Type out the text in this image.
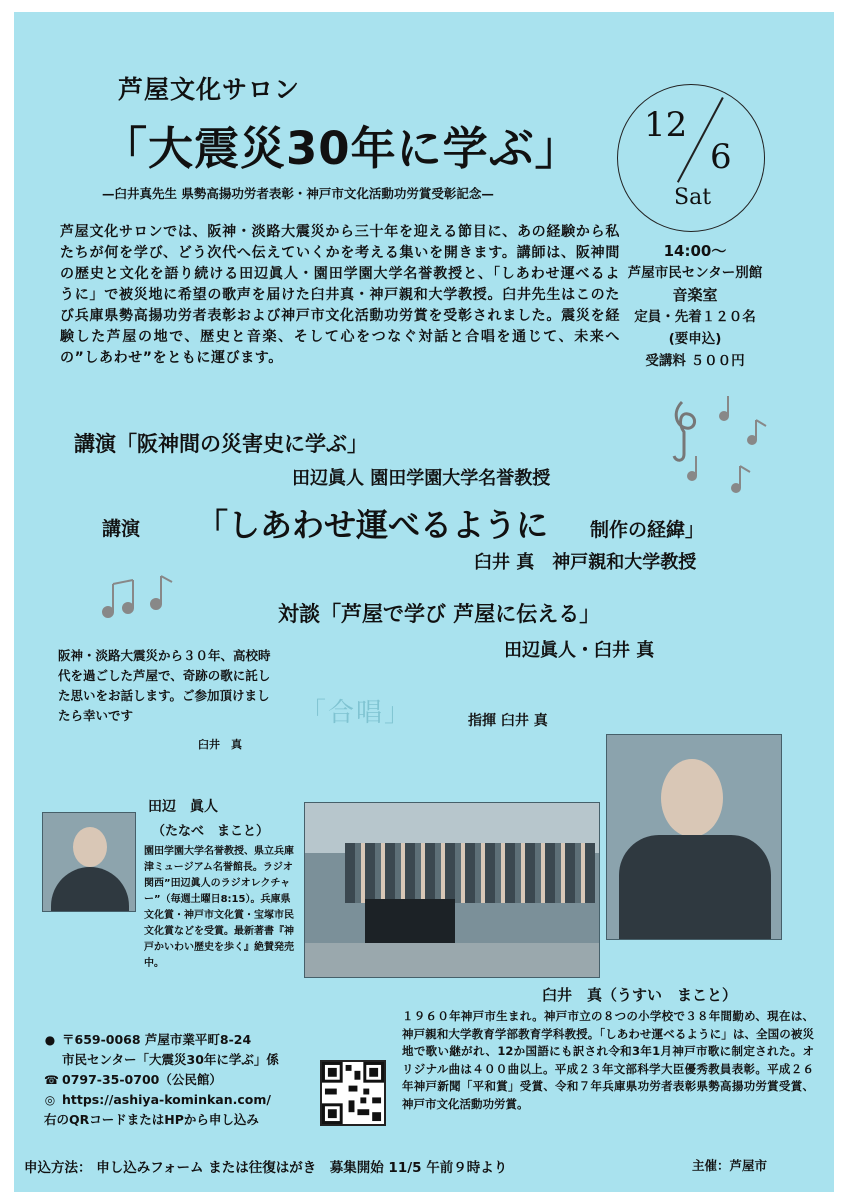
芦屋文化サロン
「大震災30年に学ぶ」
—臼井真先生 県勢高揚功労者表彰・神戸市文化活動功労賞受彰記念—
12
6
Sat

芦屋文化サロンでは、阪神・淡路大震災から三十年を迎える節目に、あの経験から私たちが何を学び、どう次代へ伝えていくかを考える集いを開きます。講師は、阪神間の歴史と文化を語り続ける田辺眞人・園田学園大学名誉教授と、「しあわせ運べるように」で被災地に希望の歌声を届けた臼井真・神戸親和大学教授。臼井先生はこのたび兵庫県勢高揚功労者表彰および神戸市文化活動功労賞を受彰されました。震災を経験した芦屋の地で、歴史と音楽、そして心をつなぐ対話と合唱を通じて、未来への”しあわせ”をともに運びます。

14:00～
芦屋市民センター別館
音楽室
定員・先着１２０名
(要申込)
受講料 ５００円
講演「阪神間の災害史に学ぶ」
田辺眞人 園田学園大学名誉教授
講演 「しあわせ運べるように 制作の経緯」
臼井 真　神戸親和大学教授
対談「芦屋で学び 芦屋に伝える」
田辺眞人・臼井 真

阪神・淡路大震災から３０年、高校時代を過ごした芦屋で、奇跡の歌に託した思いをお話します。ご参加頂けましたら幸いです

臼井　真
「合唱」	指揮 臼井 真
田辺　眞人
（たなべ　まこと）

園田学園大学名誉教授、県立兵庫津ミュージアム名誉館長。ラジオ関西”田辺眞人のラジオレクチャー”（毎週土曜日8:15）。兵庫県文化賞・神戸市文化賞・宝塚市民文化賞などを受賞。最新著書『神戸かいわい歴史を歩く』絶賛発売中。

臼井　真（うすい　まこと）

１９６０年神戸市生まれ。神戸市立の８つの小学校で３８年間勤め、現在は、神戸親和大学教育学部教育学科教授。「しあわせ運べるように」は、全国の被災地で歌い継がれ、12か国語にも訳され令和3年1月神戸市歌に制定された。オリジナル曲は４００曲以上。平成２３年文部科学大臣優秀教員表彰。平成２６年神戸新聞「平和賞」受賞、令和７年兵庫県功労者表彰県勢高揚功労賞受賞、神戸市文化活動功労賞。

● 〒659-0068 芦屋市業平町8-24
市民センター「大震災30年に学ぶ」係
☎ 0797-35-0700（公民館）
◎ https://ashiya-kominkan.com/
右のQRコードまたはHPから申し込み
申込方法： 申し込みフォーム または往復はがき　募集開始 11/5 午前９時より	主催：芦屋市
